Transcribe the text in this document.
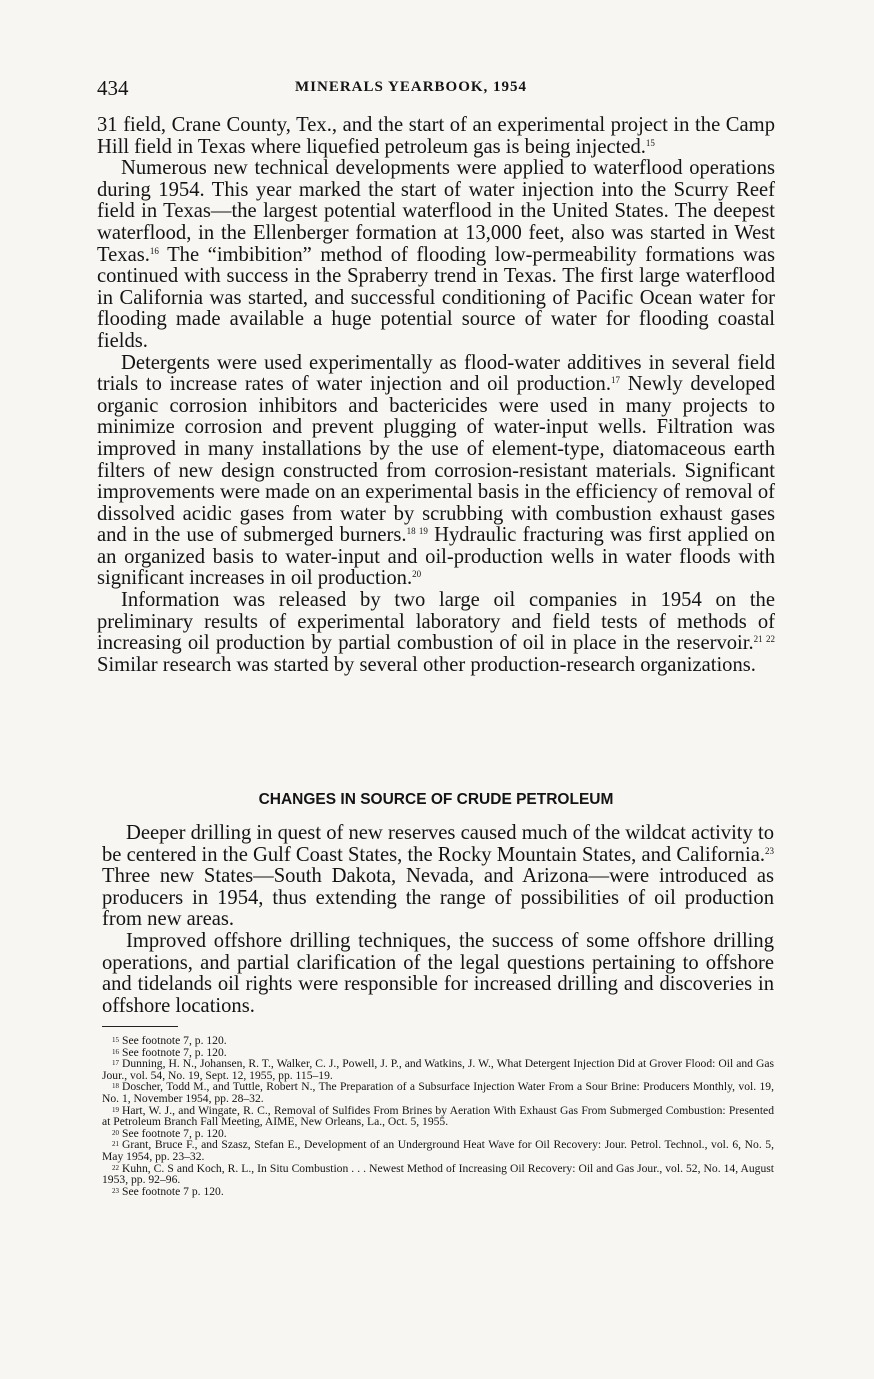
434	MINERALS YEARBOOK, 1954

31 field, Crane County, Tex., and the start of an experimental project in the Camp Hill field in Texas where liquefied petroleum gas is being injected.$^{15}$

Numerous new technical developments were applied to waterflood operations during 1954. This year marked the start of water injection into the Scurry Reef field in Texas—the largest potential waterflood in the United States. The deepest waterflood, in the Ellenberger formation at 13,000 feet, also was started in West Texas.$^{16}$ The “imbibition” method of flooding low-permeability formations was continued with success in the Spraberry trend in Texas. The first large waterflood in California was started, and successful conditioning of Pacific Ocean water for flooding made available a huge potential source of water for flooding coastal fields.

Detergents were used experimentally as flood-water additives in several field trials to increase rates of water injection and oil production.$^{17}$ Newly developed organic corrosion inhibitors and bactericides were used in many projects to minimize corrosion and prevent plugging of water-input wells. Filtration was improved in many installations by the use of element-type, diatomaceous earth filters of new design constructed from corrosion-resistant materials. Significant improvements were made on an experimental basis in the efficiency of removal of dissolved acidic gases from water by scrubbing with combustion exhaust gases and in the use of submerged burners.$^{18 19}$ Hydraulic fracturing was first applied on an organized basis to water-input and oil-production wells in water floods with significant increases in oil production.$^{20}$

Information was released by two large oil companies in 1954 on the preliminary results of experimental laboratory and field tests of methods of increasing oil production by partial combustion of oil in place in the reservoir.$^{21 22}$ Similar research was started by several other production-research organizations.

CHANGES IN SOURCE OF CRUDE PETROLEUM

Deeper drilling in quest of new reserves caused much of the wildcat activity to be centered in the Gulf Coast States, the Rocky Mountain States, and California.$^{23}$ Three new States—South Dakota, Nevada, and Arizona—were introduced as producers in 1954, thus extending the range of possibilities of oil production from new areas.

Improved offshore drilling techniques, the success of some offshore drilling operations, and partial clarification of the legal questions pertaining to offshore and tidelands oil rights were responsible for increased drilling and discoveries in offshore locations.

15 See footnote 7, p. 120.

16 See footnote 7, p. 120.

17 Dunning, H. N., Johansen, R. T., Walker, C. J., Powell, J. P., and Watkins, J. W., What Detergent Injection Did at Grover Flood: Oil and Gas Jour., vol. 54, No. 19, Sept. 12, 1955, pp. 115–19.

18 Doscher, Todd M., and Tuttle, Robert N., The Preparation of a Subsurface Injection Water From a Sour Brine: Producers Monthly, vol. 19, No. 1, November 1954, pp. 28–32.

19 Hart, W. J., and Wingate, R. C., Removal of Sulfides From Brines by Aeration With Exhaust Gas From Submerged Combustion: Presented at Petroleum Branch Fall Meeting, AIME, New Orleans, La., Oct. 5, 1955.

20 See footnote 7, p. 120.

21 Grant, Bruce F., and Szasz, Stefan E., Development of an Underground Heat Wave for Oil Recovery: Jour. Petrol. Technol., vol. 6, No. 5, May 1954, pp. 23–32.

22 Kuhn, C. S and Koch, R. L., In Situ Combustion . . . Newest Method of Increasing Oil Recovery: Oil and Gas Jour., vol. 52, No. 14, August 1953, pp. 92–96.

23 See footnote 7 p. 120.
